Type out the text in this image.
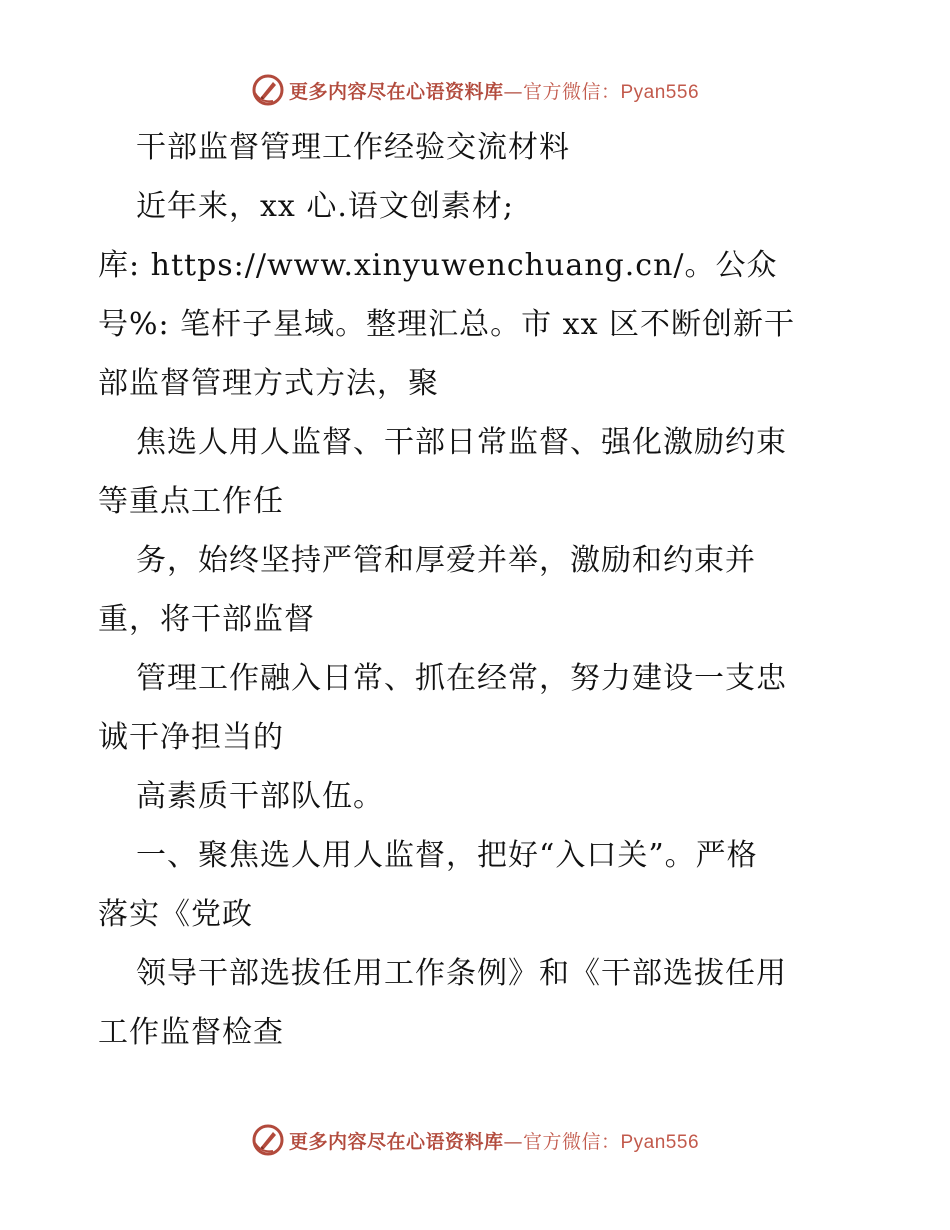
更多内容尽在心语资料库—官方微信：Pyan556
干部监督管理工作经验交流材料
近年来，xx 心.语文创素材;
库: https://www.xinyuwenchuang.cn/。公众
号%: 笔杆子星域。整理汇总。市 xx 区不断创新干
部监督管理方式方法，聚
焦选人用人监督、干部日常监督、强化激励约束
等重点工作任
务，始终坚持严管和厚爱并举，激励和约束并
重，将干部监督
管理工作融入日常、抓在经常，努力建设一支忠
诚干净担当的
高素质干部队伍。
一、聚焦选人用人监督，把好“入口关”。严格
落实《党政
领导干部选拔任用工作条例》和《干部选拔任用
工作监督检查
更多内容尽在心语资料库—官方微信：Pyan556
